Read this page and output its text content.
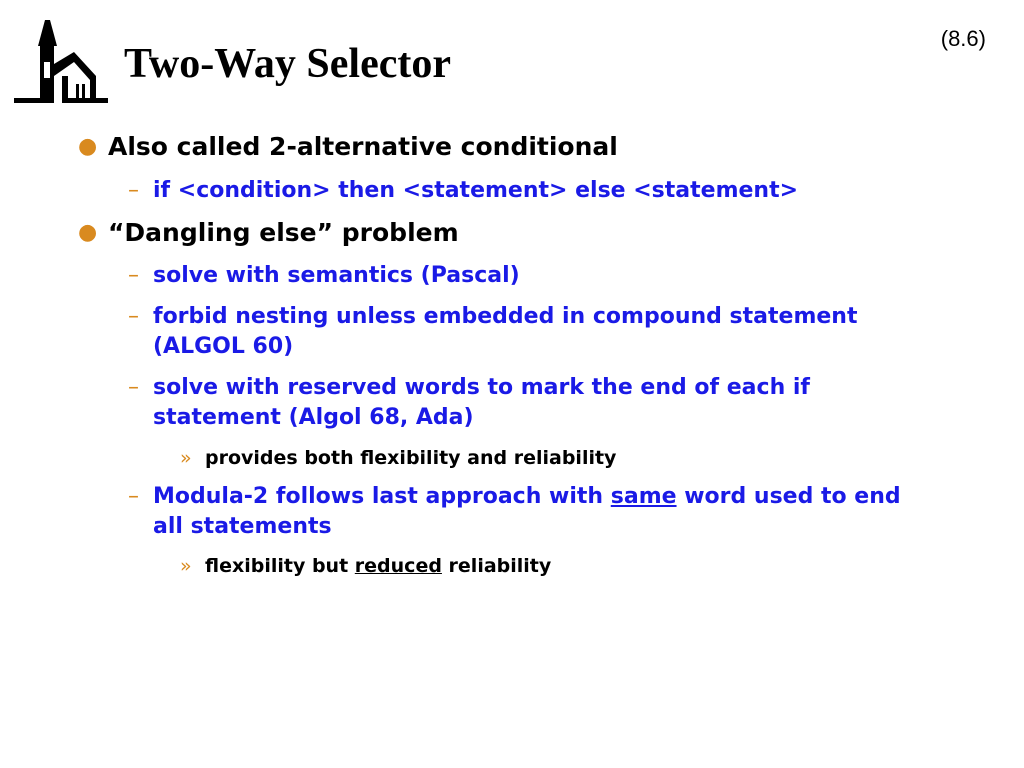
Two-Way Selector
(8.6)
● Also called 2-alternative conditional
– if <condition> then <statement> else <statement>
● “Dangling else” problem
– solve with semantics (Pascal)
– forbid nesting unless embedded in compound statement
(ALGOL 60)
– solve with reserved words to mark the end of each if
statement (Algol 68, Ada)
» provides both flexibility and reliability
– Modula-2 follows last approach with same word used to end
all statements
» flexibility but reduced reliability
